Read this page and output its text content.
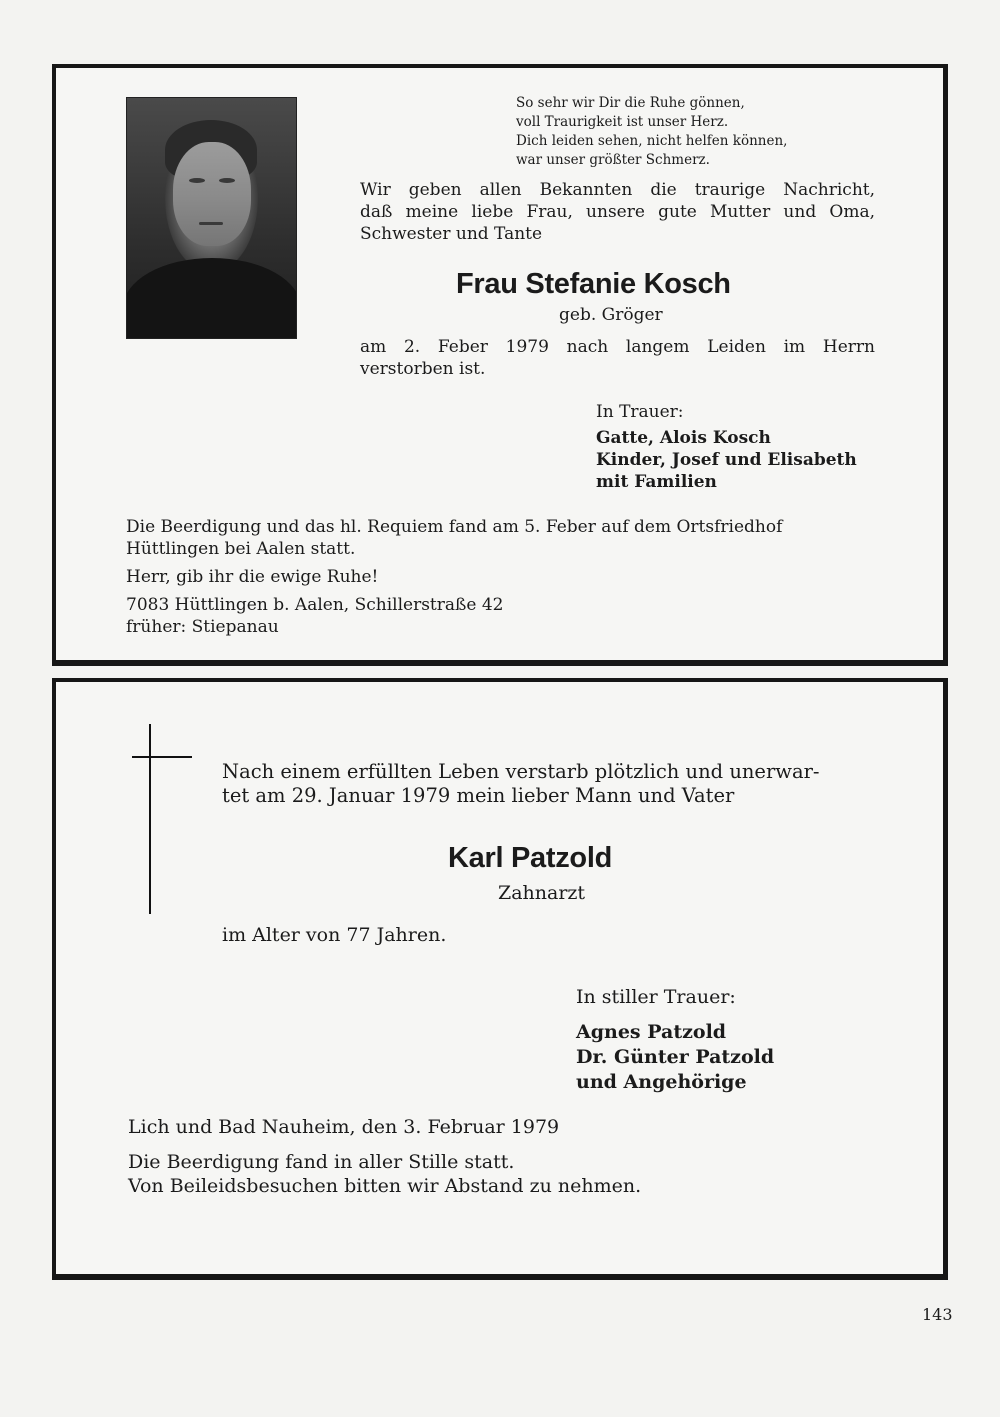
So sehr wir Dir die Ruhe gönnen,
voll Traurigkeit ist unser Herz.
Dich leiden sehen, nicht helfen können,
war unser größter Schmerz.
Wir geben allen Bekannten die traurige Nachricht,
daß meine liebe Frau, unsere gute Mutter und Oma,
Schwester und Tante
Frau Stefanie Kosch
geb. Gröger
am 2. Feber 1979 nach langem Leiden im Herrn
verstorben ist.
In Trauer:
Gatte, Alois Kosch
Kinder, Josef und Elisabeth
mit Familien
Die Beerdigung und das hl. Requiem fand am 5. Feber auf dem Ortsfriedhof
Hüttlingen bei Aalen statt.
Herr, gib ihr die ewige Ruhe!
7083 Hüttlingen b. Aalen, Schillerstraße 42
früher: Stiepanau
Nach einem erfüllten Leben verstarb plötzlich und unerwar-
tet am 29. Januar 1979 mein lieber Mann und Vater
Karl Patzold
Zahnarzt
im Alter von 77 Jahren.
In stiller Trauer:
Agnes Patzold
Dr. Günter Patzold
und Angehörige
Lich und Bad Nauheim, den 3. Februar 1979
Die Beerdigung fand in aller Stille statt.
Von Beileidsbesuchen bitten wir Abstand zu nehmen.
143
